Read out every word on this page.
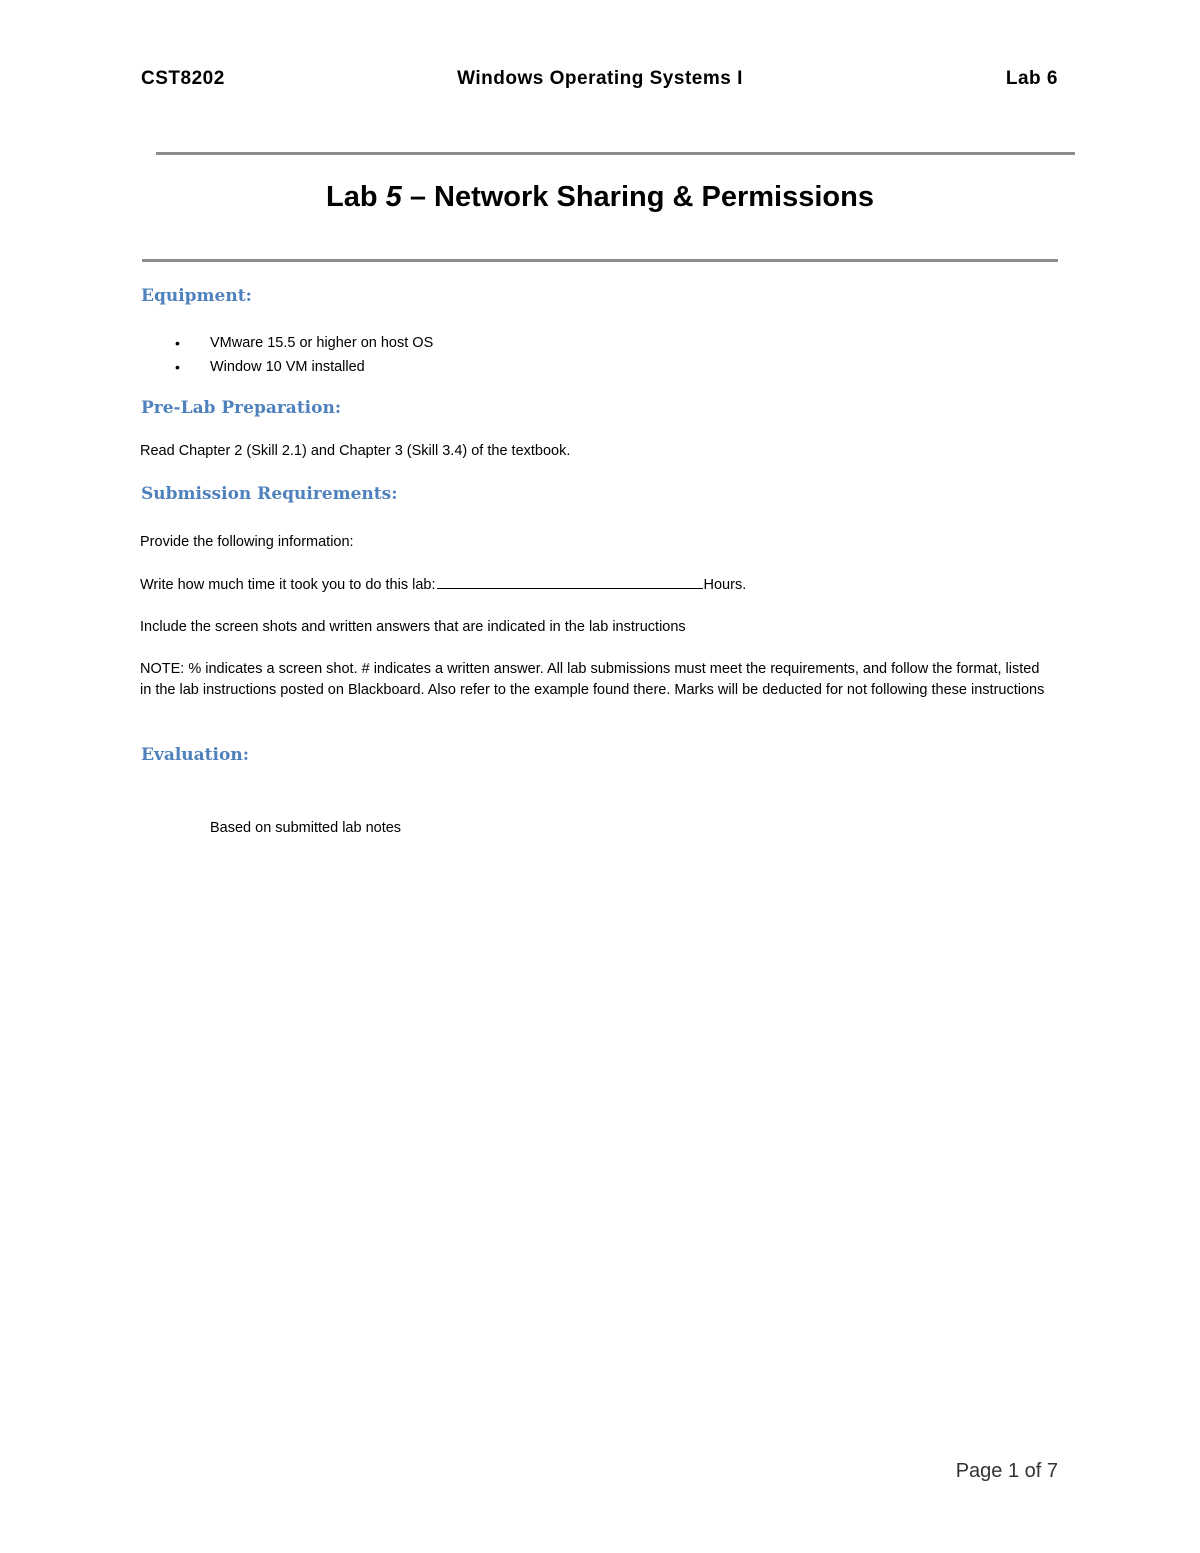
CST8202	Windows Operating Systems I	Lab 6
Lab 5 – Network Sharing & Permissions
Equipment:
• VMware 15.5 or higher on host OS
• Window 10 VM installed
Pre-Lab Preparation:
Read Chapter 2 (Skill 2.1) and Chapter 3 (Skill 3.4) of the textbook.
Submission Requirements:
Provide the following information:
Write how much time it took you to do this lab:	Hours.
Include the screen shots and written answers that are indicated in the lab instructions
NOTE: % indicates a screen shot. # indicates a written answer. All lab submissions must meet the requirements, and follow the format, listed in the lab instructions posted on Blackboard. Also refer to the example found there. Marks will be deducted for not following these instructions
Evaluation:
Based on submitted lab notes
Page 1 of 7
